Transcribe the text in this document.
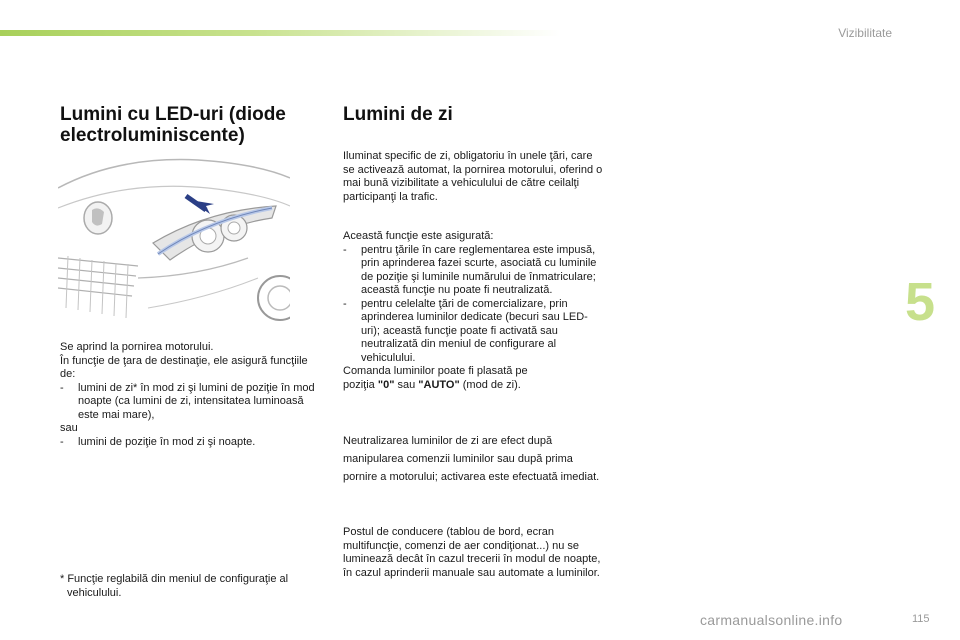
Vizibilitate
Lumini cu LED-uri (diode electroluminiscente)
Se aprind la pornirea motorului.
În funcţie de ţara de destinaţie, ele asigură funcţiile de:
-	lumini de zi* în mod zi şi lumini de poziţie în mod noapte (ca lumini de zi, intensitatea luminoasă este mai mare),
sau
-	lumini de poziţie în mod zi şi noapte.
* Funcţie reglabilă din meniul de configuraţie al vehiculului.
Lumini de zi
Iluminat specific de zi, obligatoriu în unele ţări, care se activează automat, la pornirea motorului, oferind o mai bună vizibilitate a vehiculului de către ceilalţi participanţi la trafic.
Această funcţie este asigurată:
-	pentru ţările în care reglementarea este impusă, prin aprinderea fazei scurte, asociată cu luminile de poziţie şi luminile numărului de înmatriculare; această funcţie nu poate fi neutralizată.
-	pentru celelalte ţări de comercializare, prin aprinderea luminilor dedicate (becuri sau LED-uri); această funcţie poate fi activată sau neutralizată din meniul de configurare al vehiculului.
Comanda luminilor poate fi plasată pe
poziţia "0" sau "AUTO" (mod de zi).
Neutralizarea luminilor de zi are efect după manipularea comenzii luminilor sau după prima pornire a motorului; activarea este efectuată imediat.
Postul de conducere (tablou de bord, ecran multifuncţie, comenzi de aer condiţionat...) nu se luminează decât în cazul trecerii în modul de noapte, în cazul aprinderii manuale sau automate a luminilor.
5
carmanualsonline.info	115
